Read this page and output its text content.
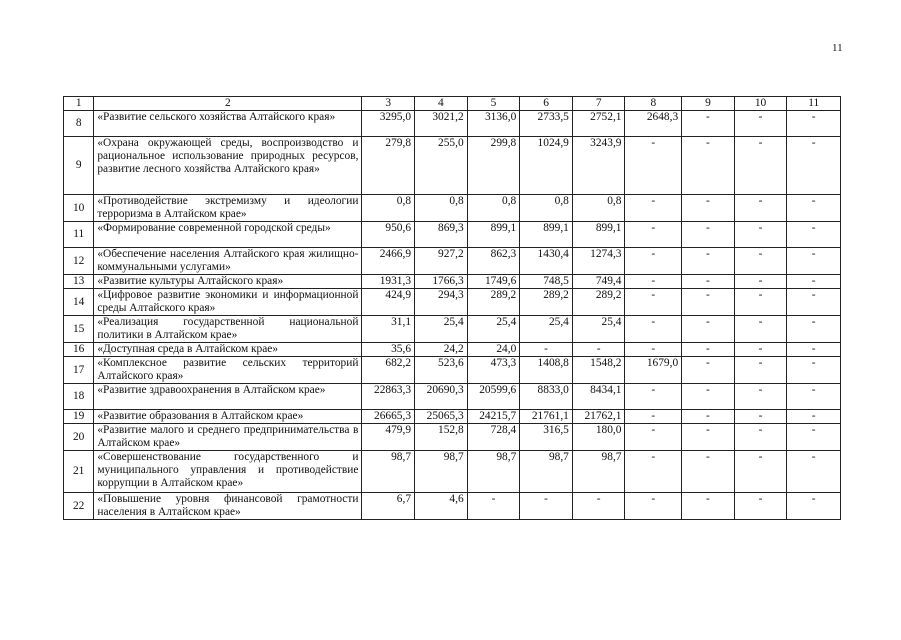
11
1	2	3	4	5	6	7	8	9	10	11
8	«Развитие сельского хозяйства Алтайского края»	3295,0	3021,2	3136,0	2733,5	2752,1	2648,3	-	-	-
9	«Охрана окружающей среды, воспроизводство и рациональное использование природных ресурсов, развитие лесного хозяйства Алтайского края»	279,8	255,0	299,8	1024,9	3243,9	-	-	-	-
10	«Противодействие экстремизму и идеологии терроризма в Алтайском крае»	0,8	0,8	0,8	0,8	0,8	-	-	-	-
11	«Формирование современной городской среды»	950,6	869,3	899,1	899,1	899,1	-	-	-	-
12	«Обеспечение населения Алтайского края жилищно-коммунальными услугами»	2466,9	927,2	862,3	1430,4	1274,3	-	-	-	-
13	«Развитие культуры Алтайского края»	1931,3	1766,3	1749,6	748,5	749,4	-	-	-	-
14	«Цифровое развитие экономики и информационной среды Алтайского края»	424,9	294,3	289,2	289,2	289,2	-	-	-	-
15	«Реализация государственной национальной политики в Алтайском крае»	31,1	25,4	25,4	25,4	25,4	-	-	-	-
16	«Доступная среда в Алтайском крае»	35,6	24,2	24,0	-	-	-	-	-	-
17	«Комплексное развитие сельских территорий Алтайского края»	682,2	523,6	473,3	1408,8	1548,2	1679,0	-	-	-
18	«Развитие здравоохранения в Алтайском крае»	22863,3	20690,3	20599,6	8833,0	8434,1	-	-	-	-
19	«Развитие образования в Алтайском крае»	26665,3	25065,3	24215,7	21761,1	21762,1	-	-	-	-
20	«Развитие малого и среднего предпринимательства в Алтайском крае»	479,9	152,8	728,4	316,5	180,0	-	-	-	-
21	«Совершенствование государственного и муниципального управления и противодействие коррупции в Алтайском крае»	98,7	98,7	98,7	98,7	98,7	-	-	-	-
22	«Повышение уровня финансовой грамотности населения в Алтайском крае»	6,7	4,6	-	-	-	-	-	-	-
